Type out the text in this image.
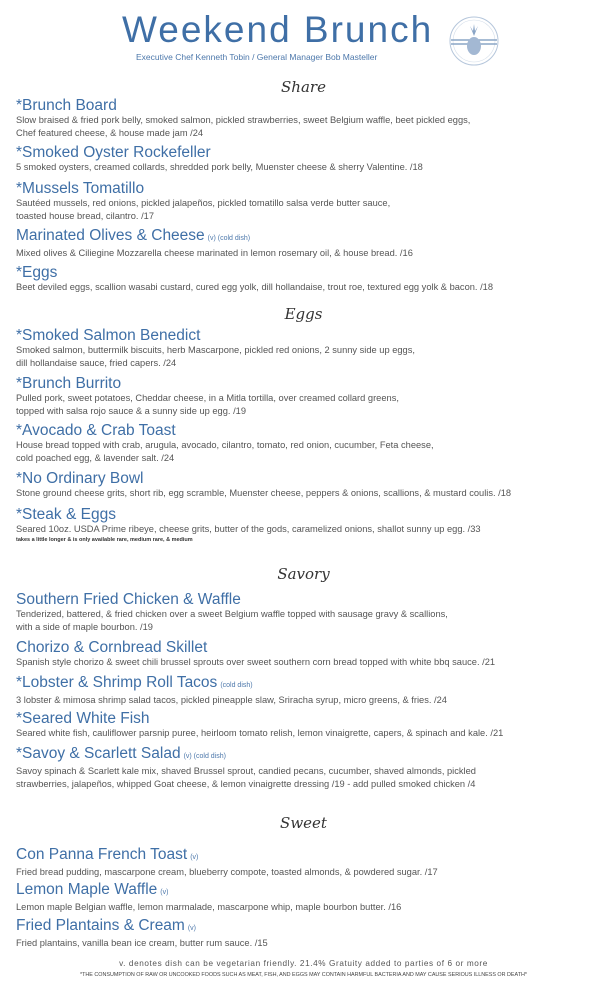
Weekend Brunch
Executive Chef Kenneth Tobin / General Manager Bob Masteller
Share
*Brunch Board
Slow braised & fried pork belly, smoked salmon, pickled strawberries, sweet Belgium waffle, beet pickled eggs,
Chef featured cheese, & house made jam /24
*Smoked Oyster Rockefeller
5 smoked oysters, creamed collards, shredded pork belly, Muenster cheese & sherry Valentine. /18
*Mussels Tomatillo
Sautéed mussels, red onions, pickled jalapeños, pickled tomatillo salsa verde butter sauce,
toasted house bread, cilantro. /17
Marinated Olives & Cheese (v) (cold dish)
Mixed olives & Ciliegine Mozzarella cheese marinated in lemon rosemary oil, & house bread. /16
*Eggs
Beet deviled eggs, scallion wasabi custard, cured egg yolk, dill hollandaise, trout roe, textured egg yolk & bacon. /18
Eggs
*Smoked Salmon Benedict
Smoked salmon, buttermilk biscuits, herb Mascarpone, pickled red onions, 2 sunny side up eggs,
dill hollandaise sauce, fried capers. /24
*Brunch Burrito
Pulled pork, sweet potatoes, Cheddar cheese, in a Mitla tortilla, over creamed collard greens,
topped with salsa rojo sauce & a sunny side up egg. /19
*Avocado & Crab Toast
House bread topped with crab, arugula, avocado, cilantro, tomato, red onion, cucumber, Feta cheese,
cold poached egg, & lavender salt. /24
*No Ordinary Bowl
Stone ground cheese grits, short rib, egg scramble, Muenster cheese, peppers & onions, scallions, & mustard coulis. /18
*Steak & Eggs
Seared 10oz. USDA Prime ribeye, cheese grits, butter of the gods, caramelized onions, shallot sunny up egg. /33
takes a little longer & is only available rare, medium rare, & medium
Savory
Southern Fried Chicken & Waffle
Tenderized, battered, & fried chicken over a sweet Belgium waffle topped with sausage gravy & scallions,
with a side of maple bourbon. /19
Chorizo & Cornbread Skillet
Spanish style chorizo & sweet chili brussel sprouts over sweet southern corn bread topped with white bbq sauce. /21
*Lobster & Shrimp Roll Tacos (cold dish)
3 lobster & mimosa shrimp salad tacos, pickled pineapple slaw, Sriracha syrup, micro greens, & fries. /24
*Seared White Fish
Seared white fish, cauliflower parsnip puree, heirloom tomato relish, lemon vinaigrette, capers, & spinach and kale. /21
*Savoy & Scarlett Salad (v) (cold dish)
Savoy spinach & Scarlett kale mix, shaved Brussel sprout, candied pecans, cucumber, shaved almonds, pickled
strawberries, jalapeños, whipped Goat cheese, & lemon vinaigrette dressing /19 - add pulled smoked chicken /4
Sweet
Con Panna French Toast (v)
Fried bread pudding, mascarpone cream, blueberry compote, toasted almonds, & powdered sugar. /17
Lemon Maple Waffle (v)
Lemon maple Belgian waffle, lemon marmalade, mascarpone whip, maple bourbon butter. /16
Fried Plantains & Cream (v)
Fried plantains, vanilla bean ice cream, butter rum sauce. /15
v. denotes dish can be vegetarian friendly. 21.4% Gratuity added to parties of 6 or more
*THE CONSUMPTION OF RAW OR UNCOOKED FOODS SUCH AS MEAT, FISH, AND EGGS MAY CONTAIN HARMFUL BACTERIA AND MAY CAUSE SERIOUS ILLNESS OR DEATH*
